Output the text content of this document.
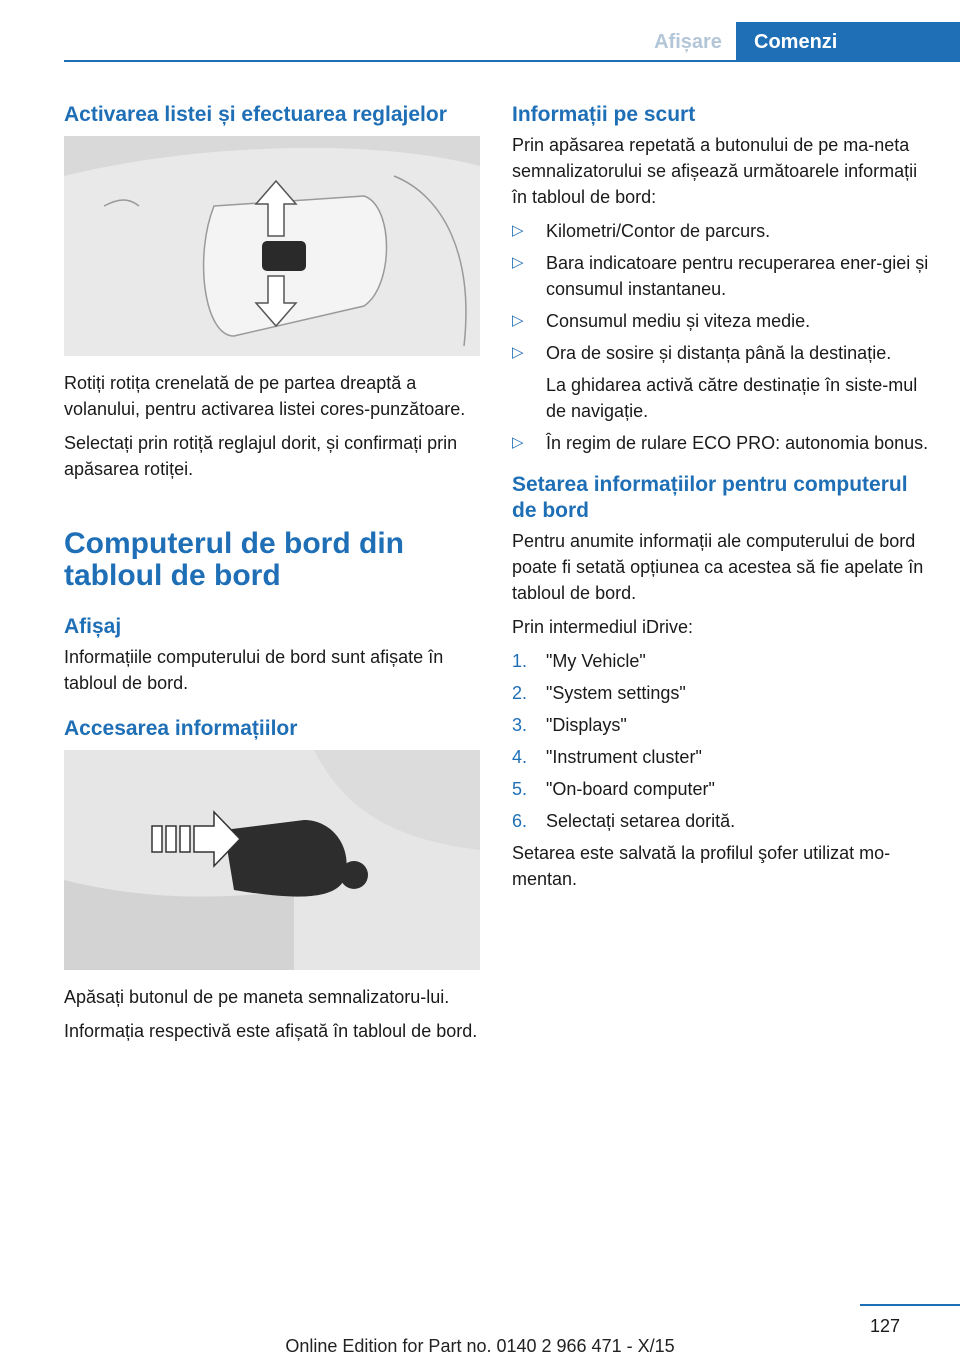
Afișare	Comenzi
Activarea listei și efectuarea reglajelor
Rotiți rotița crenelată de pe partea dreaptă a volanului, pentru activarea listei cores‐punzătoare.
Selectați prin rotiță reglajul dorit, și confirmați prin apăsarea rotiței.
Computerul de bord din tabloul de bord
Afișaj
Informațiile computerului de bord sunt afișate în tabloul de bord.
Accesarea informațiilor
Apăsați butonul de pe maneta semnalizatoru‐lui.
Informația respectivă este afișată în tabloul de bord.
Informații pe scurt
Prin apăsarea repetată a butonului de pe ma‐neta semnalizatorului se afișează următoarele informații în tabloul de bord:
▷ Kilometri/Contor de parcurs.
▷ Bara indicatoare pentru recuperarea ener‐giei și consumul instantaneu.
▷ Consumul mediu și viteza medie.
▷ Ora de sosire și distanța până la destinație.
La ghidarea activă către destinație în siste‐mul de navigație.
▷ În regim de rulare ECO PRO: autonomia bonus.
Setarea informațiilor pentru computerul de bord
Pentru anumite informații ale computerului de bord poate fi setată opțiunea ca acestea să fie apelate în tabloul de bord.
Prin intermediul iDrive:
1. "My Vehicle"
2. "System settings"
3. "Displays"
4. "Instrument cluster"
5. "On-board computer"
6. Selectați setarea dorită.
Setarea este salvată la profilul şofer utilizat mo‐mentan.
127
Online Edition for Part no. 0140 2 966 471 - X/15
